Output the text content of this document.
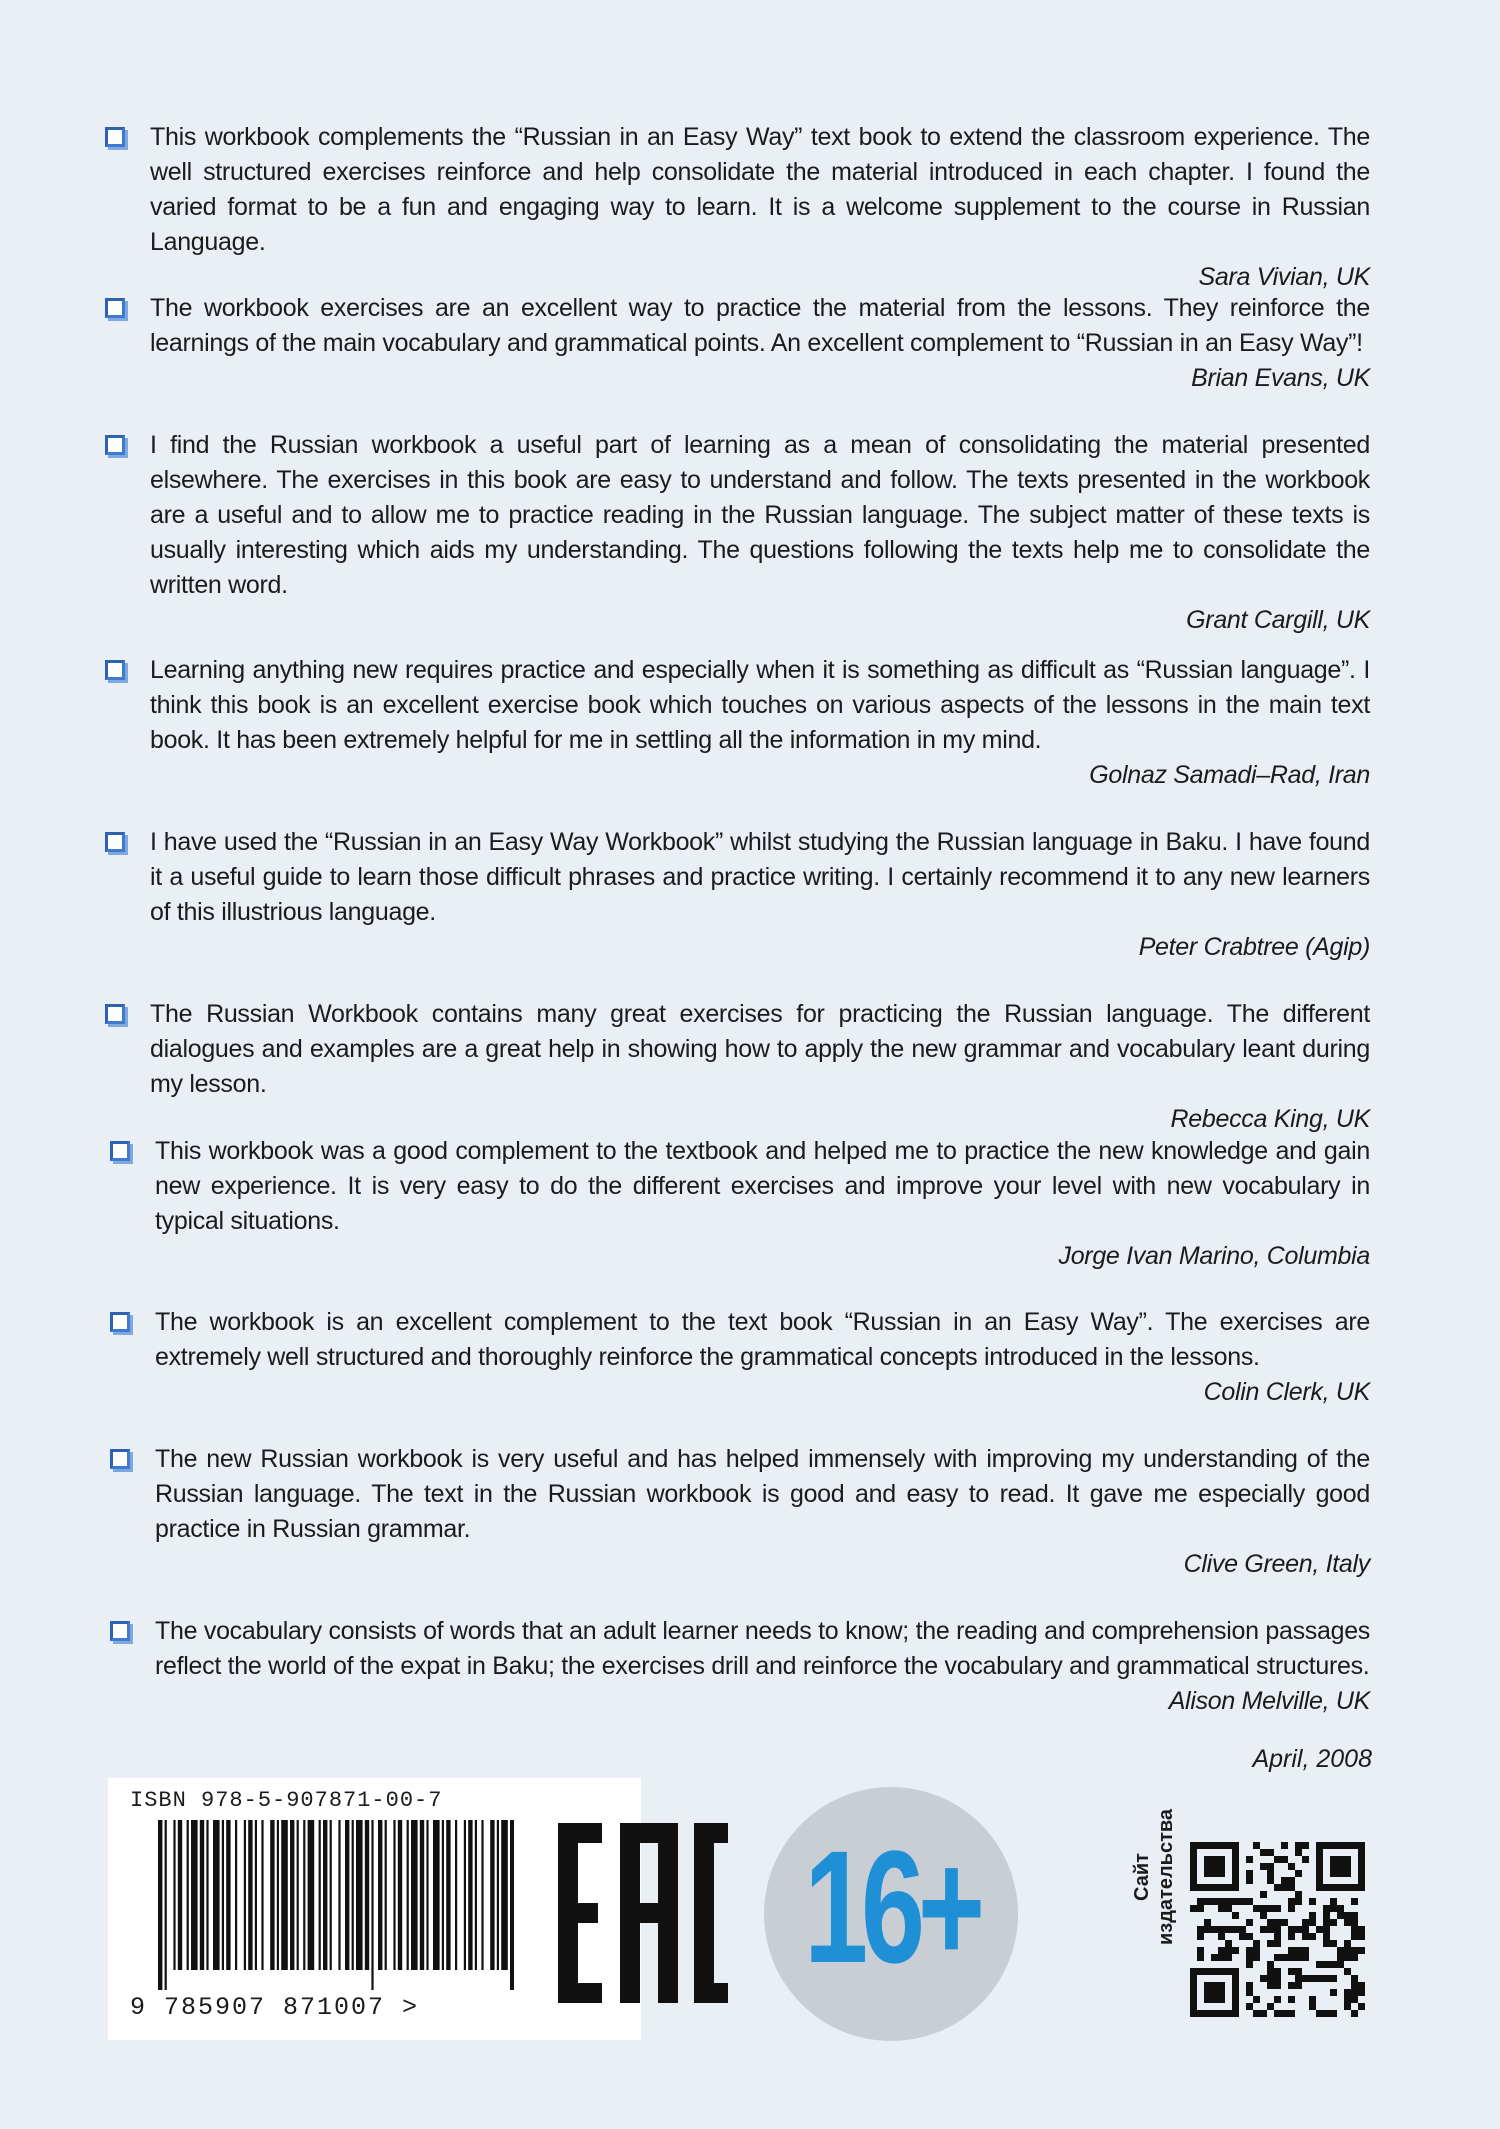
This workbook complements the “Russian in an Easy Way” text book to extend the classroom experience. The well structured exercises reinforce and help consolidate the material introduced in each chapter. I found the varied format to be a fun and engaging way to learn. It is a welcome supplement to the course in Russian Language.
Sara Vivian, UK
The workbook exercises are an excellent way to practice the material from the lessons. They reinforce the learnings of the main vocabulary and grammatical points. An excellent complement to “Russian in an Easy Way”!
Brian Evans, UK
I find the Russian workbook a useful part of learning as a mean of consolidating the material presented elsewhere. The exercises in this book are easy to understand and follow. The texts presented in the workbook are a useful and to allow me to practice reading in the Russian language. The subject matter of these texts is usually interesting which aids my understanding. The questions following the texts help me to consolidate the written word.
Grant Cargill, UK
Learning anything new requires practice and especially when it is something as difficult as “Russian language”. I think this book is an excellent exercise book which touches on various aspects of the lessons in the main text book. It has been extremely helpful for me in settling all the information in my mind.
Golnaz Samadi–Rad, Iran
I have used the “Russian in an Easy Way Workbook” whilst studying the Russian language in Baku. I have found it a useful guide to learn those difficult phrases and practice writing. I certainly recommend it to any new learners of this illustrious language.
Peter Crabtree (Agip)
The Russian Workbook contains many great exercises for practicing the Russian language. The different dialogues and examples are a great help in showing how to apply the new grammar and vocabulary leant during my lesson.
Rebecca King, UK
This workbook was a good complement to the textbook and helped me to practice the new knowledge and gain new experience. It is very easy to do the different exercises and improve your level with new vocabulary in typical situations.
Jorge Ivan Marino, Columbia
The workbook is an excellent complement to the text book “Russian in an Easy Way”. The exercises are extremely well structured and thoroughly reinforce the grammatical concepts introduced in the lessons.
Colin Clerk, UK
The new Russian workbook is very useful and has helped immensely with improving my understanding of the Russian language. The text in the Russian workbook is good and easy to read. It gave me especially good practice in Russian grammar.
Clive Green, Italy
The vocabulary consists of words that an adult learner needs to know; the reading and comprehension passages reflect the world of the expat in Baku; the exercises drill and reinforce the vocabulary and grammatical structures.
Alison Melville, UK
April, 2008
ISBN 978-5-907871-00-7
9 785907 871007 >
16+	Сайт издательства
